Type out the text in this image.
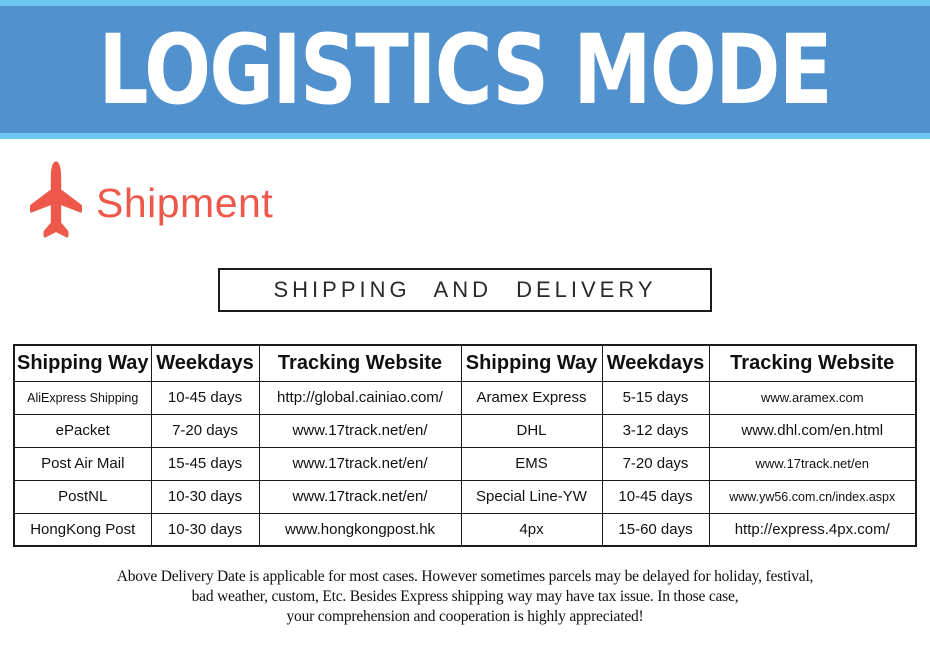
LOGISTICS MODE
Shipment
SHIPPING AND DELIVERY
Shipping Way	Weekdays	Tracking Website	Shipping Way	Weekdays	Tracking Website
AliExpress Shipping	10-45 days	http://global.cainiao.com/	Aramex Express	5-15 days	www.aramex.com
ePacket	7-20 days	www.17track.net/en/	DHL	3-12 days	www.dhl.com/en.html
Post Air Mail	15-45 days	www.17track.net/en/	EMS	7-20 days	www.17track.net/en
PostNL	10-30 days	www.17track.net/en/	Special Line-YW	10-45 days	www.yw56.com.cn/index.aspx
HongKong Post	10-30 days	www.hongkongpost.hk	4px	15-60 days	http://express.4px.com/
Above Delivery Date is applicable for most cases. However sometimes parcels may be delayed for holiday, festival,
bad weather, custom, Etc. Besides Express shipping way may have tax issue. In those case,
your comprehension and cooperation is highly appreciated!
